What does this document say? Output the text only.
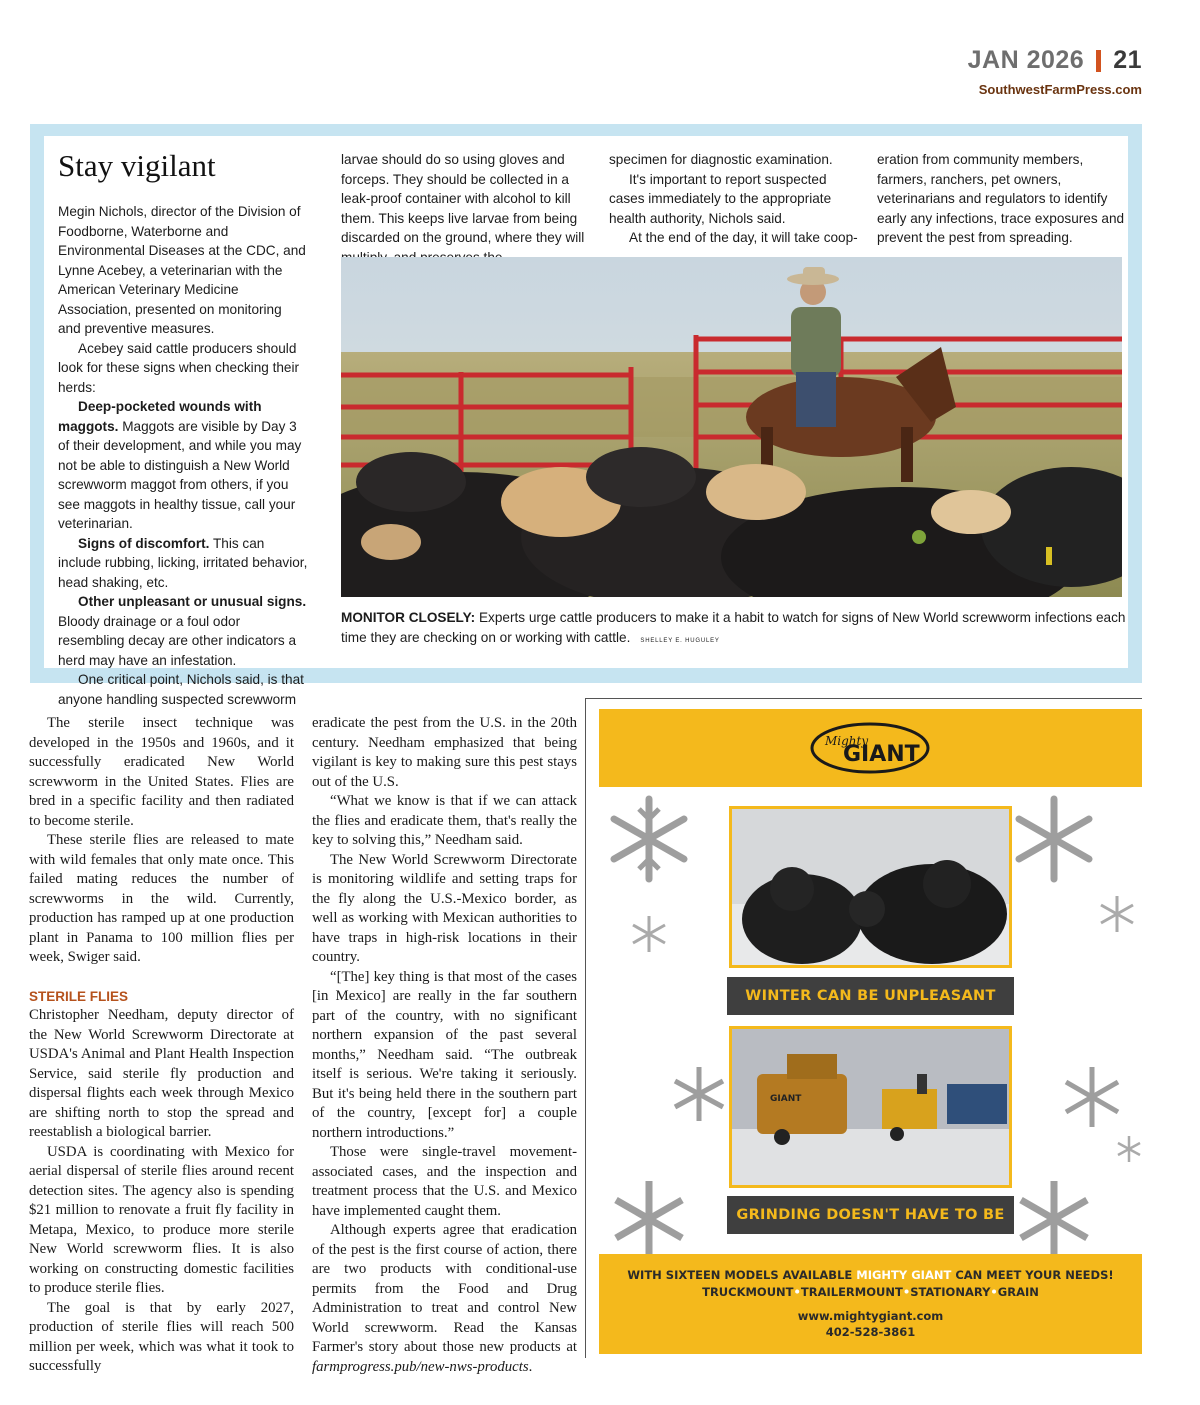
JAN 2026 21
SouthwestFarmPress.com
Stay vigilant

Megin Nichols, director of the Division of Foodborne, Waterborne and Environmental Diseases at the CDC, and Lynne Acebey, a veterinarian with the American Veterinary Medicine Association, presented on monitoring and preventive measures.

Acebey said cattle producers should look for these signs when checking their herds:

Deep-pocketed wounds with maggots. Maggots are visible by Day 3 of their development, and while you may not be able to distinguish a New World screwworm maggot from others, if you see maggots in healthy tissue, call your veterinarian.

Signs of discomfort. This can include rubbing, licking, irritated behavior, head shaking, etc.

Other unpleasant or unusual signs. Bloody drainage or a foul odor resembling decay are other indicators a herd may have an infestation.

One critical point, Nichols said, is that anyone handling suspected screwworm

larvae should do so using gloves and forceps. They should be collected in a leak-proof container with alcohol to kill them. This keeps live larvae from being discarded on the ground, where they will

specimen for diagnostic examination.

It's important to report suspected cases immediately to the appropriate health authority, Nichols said.

At the end of the day, it will take coop-

eration from community members, farmers, ranchers, pet owners, veterinarians and regulators to identify early any infections, trace exposures and prevent the pest from spreading.

MONITOR CLOSELY: Experts urge cattle producers to make it a habit to watch for signs of New World screwworm infections each time they are checking on or working with cattle. SHELLEY E. HUGULEY

The sterile insect technique was developed in the 1950s and 1960s, and it successfully eradicated New World screwworm in the United States. Flies are bred in a specific facility and then radiated to become sterile.

These sterile flies are released to mate with wild females that only mate once. This failed mating reduces the number of screwworms in the wild. Currently, production has ramped up at one production plant in Panama to 100 million flies per week, Swiger said.

STERILE FLIES

Christopher Needham, deputy director of the New World Screwworm Directorate at USDA's Animal and Plant Health Inspection Service, said sterile fly production and dispersal flights each week through Mexico are shifting north to stop the spread and reestablish a biological barrier.

USDA is coordinating with Mexico for aerial dispersal of sterile flies around recent detection sites. The agency also is spending $21 million to renovate a fruit fly facility in Metapa, Mexico, to produce more sterile New World screwworm flies. It is also working on constructing domestic facilities to produce sterile flies.

The goal is that by early 2027, production of sterile flies will reach 500 million per week, which was what it took to successfully

eradicate the pest from the U.S. in the 20th century. Needham emphasized that being vigilant is key to making sure this pest stays out of the U.S.

“What we know is that if we can attack the flies and eradicate them, that's really the key to solving this,” Needham said.

The New World Screwworm Directorate is monitoring wildlife and setting traps for the fly along the U.S.-Mexico border, as well as working with Mexican authorities to have traps in high-risk locations in their country.

“[The] key thing is that most of the cases [in Mexico] are really in the far southern part of the country, with no significant northern expansion of the past several months,” Needham said. “The outbreak itself is serious. We're taking it seriously. But it's being held there in the southern part of the country, [except for] a couple northern introductions.”

Those were single-travel movement-associated cases, and the inspection and treatment process that the U.S. and Mexico have implemented caught them.

Although experts agree that eradication of the pest is the first course of action, there are two products with conditional-use permits from the Food and Drug Administration to treat and control New World screwworm. Read the Kansas Farmer's story about those new products at farmprogress.pub/new-nws-products.

Mighty
GIANT
WINTER CAN BE UNPLEASANT
GIANT
GRINDING DOESN'T HAVE TO BE
WITH SIXTEEN MODELS AVAILABLE MIGHTY GIANT CAN MEET YOUR NEEDS!
TRUCKMOUNT•TRAILERMOUNT•STATIONARY•GRAIN
www.mightygiant.com
402-528-3861
